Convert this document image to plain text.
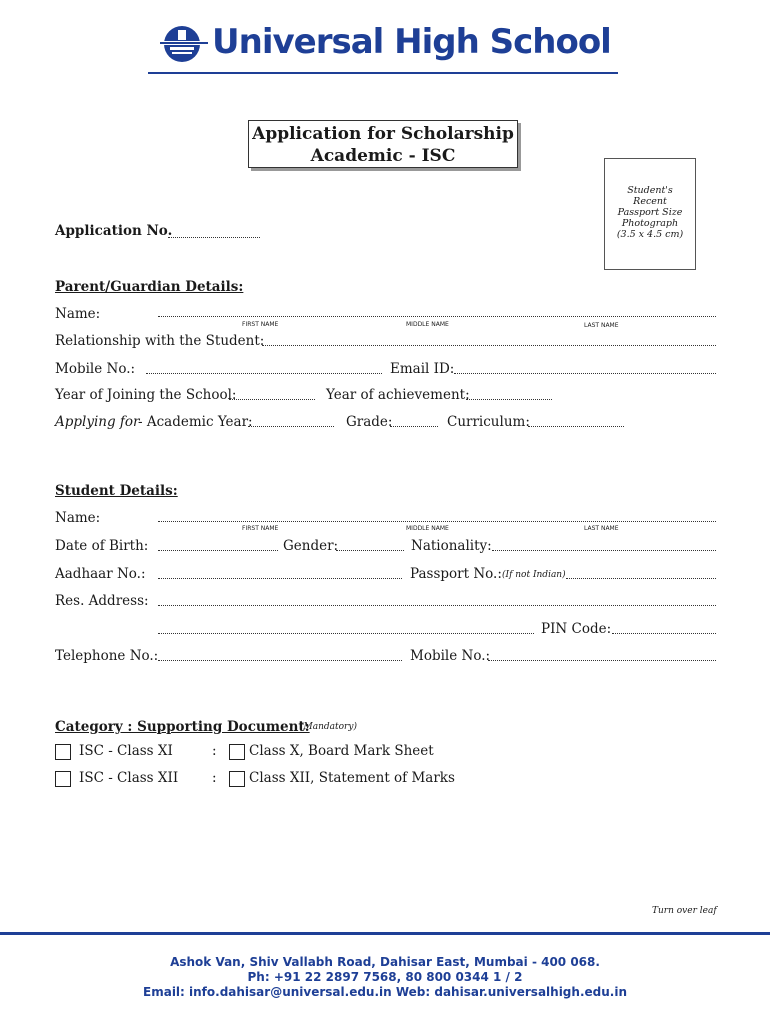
Universal High School
Application for Scholarship
Academic - ISC
Student's
Recent
Passport Size
Photograph
(3.5 x 4.5 cm)
Application No.
Parent/Guardian Details:
Name:
FIRST NAME	MIDDLE NAME	LAST NAME
Relationship with the Student:
Mobile No.:	Email ID:
Year of Joining the School:	Year of achievement:
Applying for
- Academic Year:	Grade:	Curriculum:
Student Details:
Name:
FIRST NAME	MIDDLE NAME	LAST NAME
Date of Birth:	Gender:	Nationality:
Aadhaar No.:	Passport No.: (If not Indian)
Res. Address:
PIN Code:
Telephone No.:	Mobile No.:
Category : Supporting Document:
(Mandatory)
ISC - Class XI	: Class X, Board Mark Sheet
ISC - Class XII	: Class XII, Statement of Marks
Turn over leaf
Ashok Van, Shiv Vallabh Road, Dahisar East, Mumbai - 400 068.
Ph: +91 22 2897 7568, 80 800 0344 1 / 2
Email: info.dahisar@universal.edu.in Web: dahisar.universalhigh.edu.in
